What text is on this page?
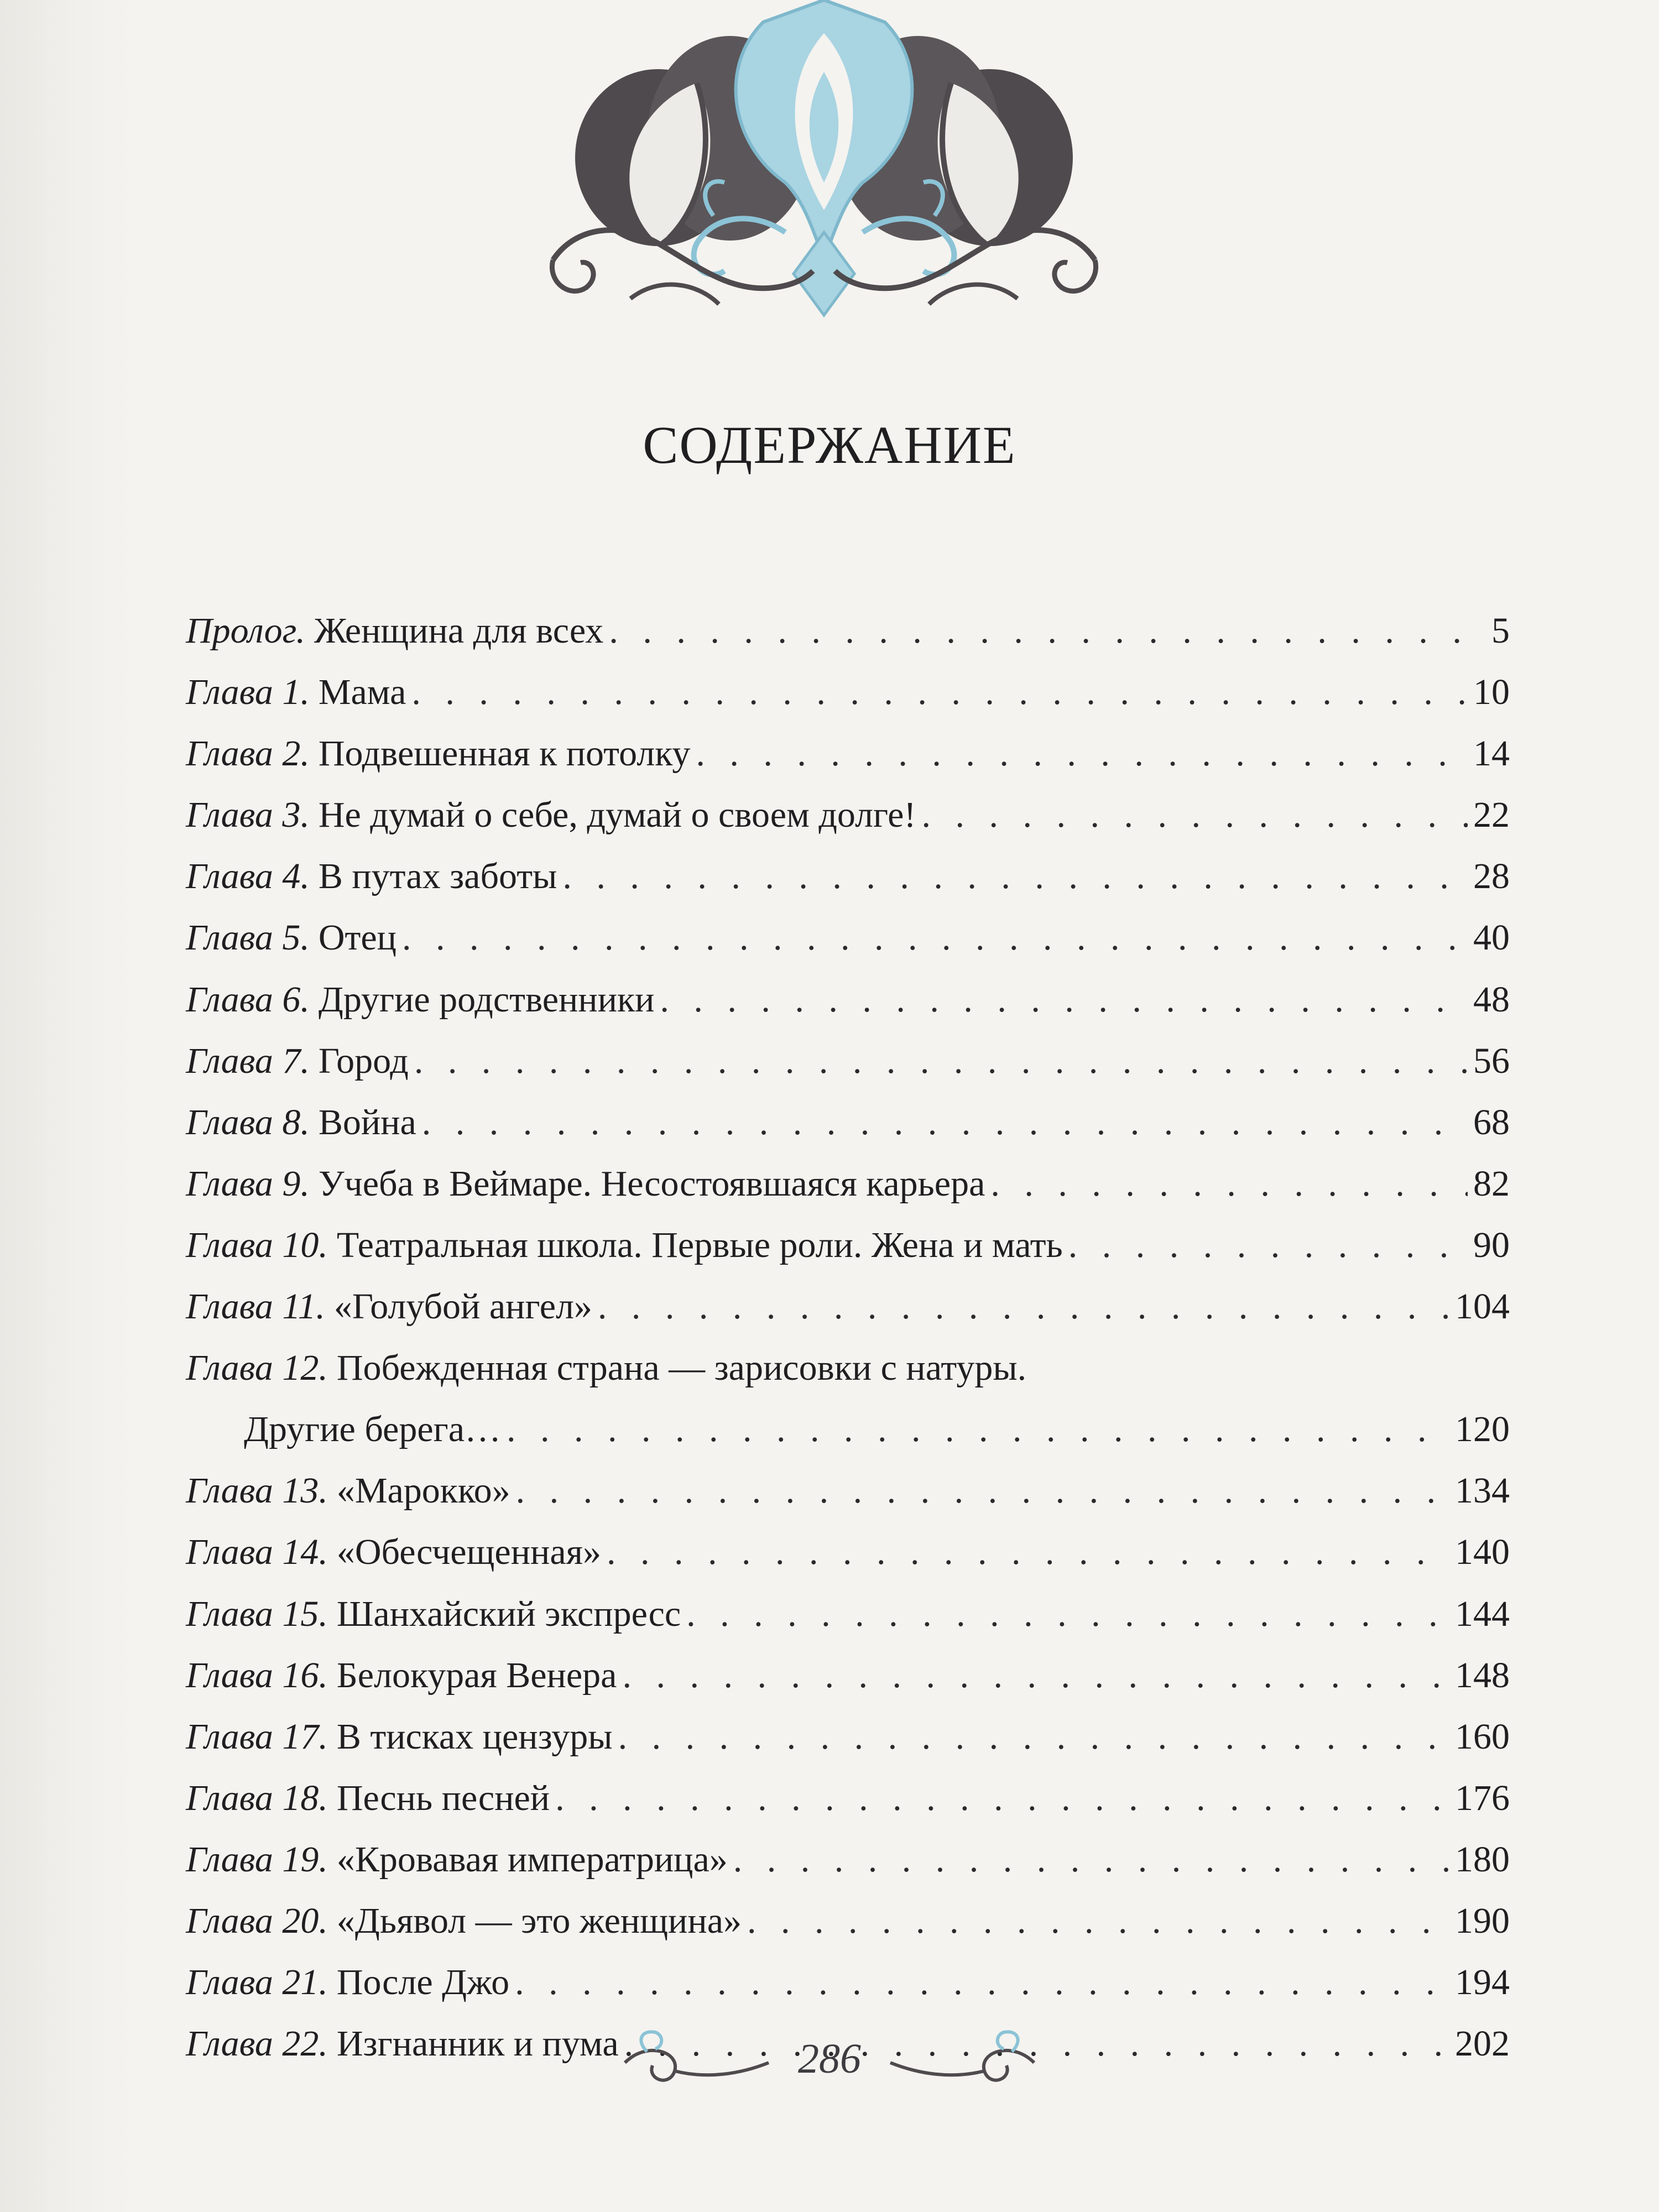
СОДЕРЖАНИЕ
Пролог. Женщина для всех . . .	5
Глава 1. Мама . . .	10
Глава 2. Подвешенная к потолку . . .	14
Глава 3. Не думай о себе, думай о своем долге! . . .	22
Глава 4. В путах заботы . . .	28
Глава 5. Отец . . .	40
Глава 6. Другие родственники . . .	48
Глава 7. Город . . .	56
Глава 8. Война . . .	68
Глава 9. Учеба в Веймаре. Несостоявшаяся карьера . . .	82
Глава 10. Театральная школа. Первые роли. Жена и мать . . .	90
Глава 11. «Голубой ангел» . . .	104
Глава 12. Побежденная страна — зарисовки с натуры.
Другие берега… . . .	120
Глава 13. «Марокко» . . .	134
Глава 14. «Обесчещенная» . . .	140
Глава 15. Шанхайский экспресс . . .	144
Глава 16. Белокурая Венера . . .	148
Глава 17. В тисках цензуры . . .	160
Глава 18. Песнь песней . . .	176
Глава 19. «Кровавая императрица» . . .	180
Глава 20. «Дьявол — это женщина» . . .	190
Глава 21. После Джо . . .	194
Глава 22. Изгнанник и пума . . .	202
286
